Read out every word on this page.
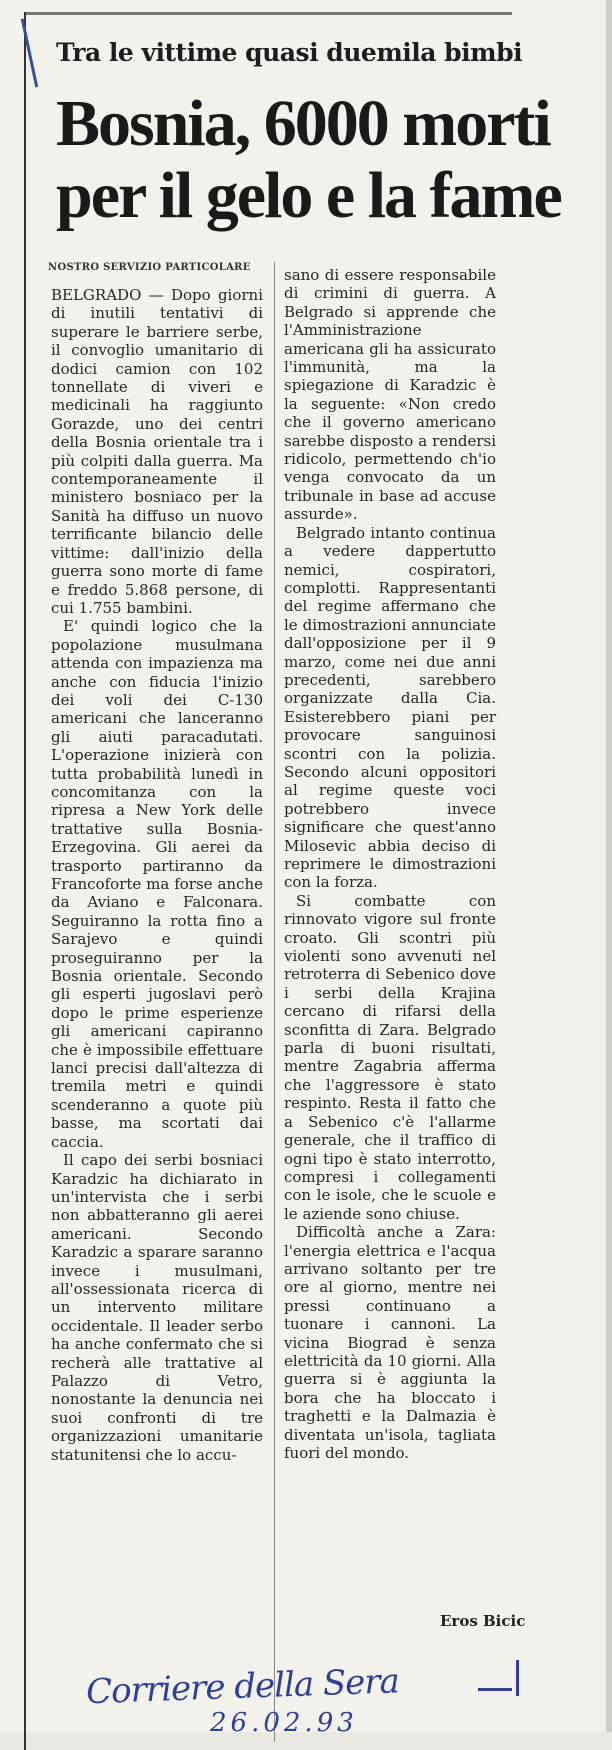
Tra le vittime quasi duemila bimbi
Bosnia, 6000 morti
per il gelo e la fame
NOSTRO SERVIZIO PARTICOLARE

BELGRADO — Dopo giorni di inutili tentativi di superare le barriere serbe, il convoglio umanitario di dodici camion con 102 tonnellate di viveri e medicinali ha raggiunto Gorazde, uno dei centri della Bosnia orientale tra i più colpiti dalla guerra. Ma contemporaneamente il ministero bosniaco per la Sanità ha diffuso un nuovo terrificante bilancio delle vittime: dall'inizio della guerra sono morte di fame e freddo 5.868 persone, di cui 1.755 bambini.

E' quindi logico che la popolazione musulmana attenda con impazienza ma anche con fiducia l'inizio dei voli dei C-130 americani che lanceranno gli aiuti paracadutati. L'operazione inizierà con tutta probabilità lunedì in concomitanza con la ripresa a New York delle trattative sulla Bosnia-Erzegovina. Gli aerei da trasporto partiranno da Francoforte ma forse anche da Aviano e Falconara. Seguiranno la rotta fino a Sarajevo e quindi proseguiranno per la Bosnia orientale. Secondo gli esperti jugoslavi però dopo le prime esperienze gli americani capiranno che è impossibile effettuare lanci precisi dall'altezza di tremila metri e quindi scenderanno a quote più basse, ma scortati dai caccia.

Il capo dei serbi bosniaci Karadzic ha dichiarato in un'intervista che i serbi non abbatteranno gli aerei americani. Secondo Karadzic a sparare saranno invece i musulmani, all'ossessionata ricerca di un intervento militare occidentale. Il leader serbo ha anche confermato che si recherà alle trattative al Palazzo di Vetro, nonostante la denuncia nei suoi confronti di tre organizzazioni umanitarie statunitensi che lo accu-

sano di essere responsabile di crimini di guerra. A Belgrado si apprende che l'Amministrazione americana gli ha assicurato l'immunità, ma la spiegazione di Karadzic è la seguente: «Non credo che il governo americano sarebbe disposto a rendersi ridicolo, permettendo ch'io venga convocato da un tribunale in base ad accuse assurde».

Belgrado intanto continua a vedere dappertutto nemici, cospiratori, complotti. Rappresentanti del regime affermano che le dimostrazioni annunciate dall'opposizione per il 9 marzo, come nei due anni precedenti, sarebbero organizzate dalla Cia. Esisterebbero piani per provocare sanguinosi scontri con la polizia. Secondo alcuni oppositori al regime queste voci potrebbero invece significare che quest'anno Milosevic abbia deciso di reprimere le dimostrazioni con la forza.

Si combatte con rinnovato vigore sul fronte croato. Gli scontri più violenti sono avvenuti nel retroterra di Sebenico dove i serbi della Krajina cercano di rifarsi della sconfitta di Zara. Belgrado parla di buoni risultati, mentre Zagabria afferma che l'aggressore è stato respinto. Resta il fatto che a Sebenico c'è l'allarme generale, che il traffico di ogni tipo è stato interrotto, compresi i collegamenti con le isole, che le scuole e le aziende sono chiuse.

Difficoltà anche a Zara: l'energia elettrica e l'acqua arrivano soltanto per tre ore al giorno, mentre nei pressi continuano a tuonare i cannoni. La vicina Biograd è senza elettricità da 10 giorni. Alla guerra si è aggiunta la bora che ha bloccato i traghetti e la Dalmazia è diventata un'isola, tagliata fuori del mondo.

Eros Bicic
Corriere della Sera
26.02.93
